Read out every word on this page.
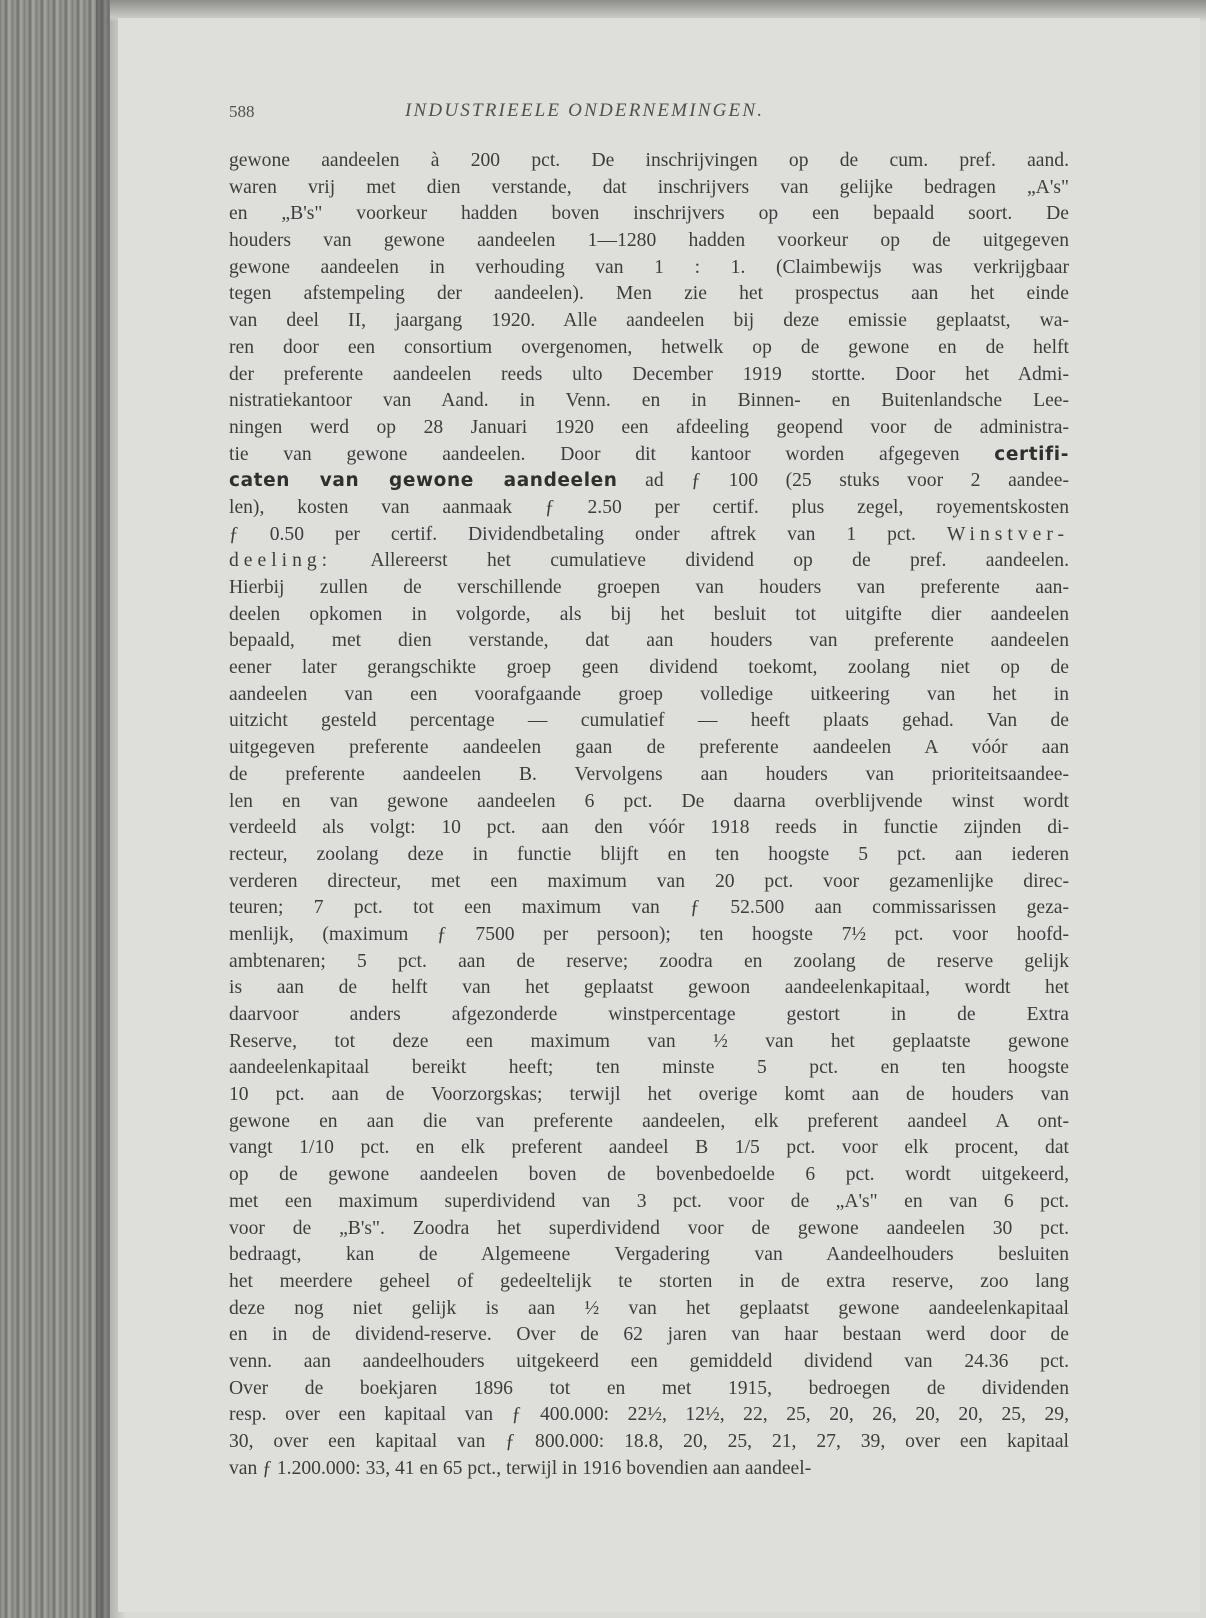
588	INDUSTRIEELE ONDERNEMINGEN.
gewone aandeelen à 200 pct. De inschrijvingen op de cum. pref. aand.
waren vrij met dien verstande, dat inschrijvers van gelijke bedragen „A's"
en „B's" voorkeur hadden boven inschrijvers op een bepaald soort. De
houders van gewone aandeelen 1—1280 hadden voorkeur op de uitgegeven
gewone aandeelen in verhouding van 1 : 1. (Claimbewijs was verkrijgbaar
tegen afstempeling der aandeelen). Men zie het prospectus aan het einde
van deel II, jaargang 1920. Alle aandeelen bij deze emissie geplaatst, wa-
ren door een consortium overgenomen, hetwelk op de gewone en de helft
der preferente aandeelen reeds ulto December 1919 stortte. Door het Admi-
nistratiekantoor van Aand. in Venn. en in Binnen- en Buitenlandsche Lee-
ningen werd op 28 Januari 1920 een afdeeling geopend voor de administra-
tie van gewone aandeelen. Door dit kantoor worden afgegeven certifi-
caten van gewone aandeelen ad ƒ 100 (25 stuks voor 2 aandee-
len), kosten van aanmaak ƒ 2.50 per certif. plus zegel, royementskosten
ƒ 0.50 per certif. Dividendbetaling onder aftrek van 1 pct. Winstver-
deeling: Allereerst het cumulatieve dividend op de pref. aandeelen.
Hierbij zullen de verschillende groepen van houders van preferente aan-
deelen opkomen in volgorde, als bij het besluit tot uitgifte dier aandeelen
bepaald, met dien verstande, dat aan houders van preferente aandeelen
eener later gerangschikte groep geen dividend toekomt, zoolang niet op de
aandeelen van een voorafgaande groep volledige uitkeering van het in
uitzicht gesteld percentage — cumulatief — heeft plaats gehad. Van de
uitgegeven preferente aandeelen gaan de preferente aandeelen A vóór aan
de preferente aandeelen B. Vervolgens aan houders van prioriteitsaandee-
len en van gewone aandeelen 6 pct. De daarna overblijvende winst wordt
verdeeld als volgt: 10 pct. aan den vóór 1918 reeds in functie zijnden di-
recteur, zoolang deze in functie blijft en ten hoogste 5 pct. aan iederen
verderen directeur, met een maximum van 20 pct. voor gezamenlijke direc-
teuren; 7 pct. tot een maximum van ƒ 52.500 aan commissarissen geza-
menlijk, (maximum ƒ 7500 per persoon); ten hoogste 7½ pct. voor hoofd-
ambtenaren; 5 pct. aan de reserve; zoodra en zoolang de reserve gelijk
is aan de helft van het geplaatst gewoon aandeelenkapitaal, wordt het
daarvoor anders afgezonderde winstpercentage gestort in de Extra
Reserve, tot deze een maximum van ½ van het geplaatste gewone
aandeelenkapitaal bereikt heeft; ten minste 5 pct. en ten hoogste
10 pct. aan de Voorzorgskas; terwijl het overige komt aan de houders van
gewone en aan die van preferente aandeelen, elk preferent aandeel A ont-
vangt 1/10 pct. en elk preferent aandeel B 1/5 pct. voor elk procent, dat
op de gewone aandeelen boven de bovenbedoelde 6 pct. wordt uitgekeerd,
met een maximum superdividend van 3 pct. voor de „A's" en van 6 pct.
voor de „B's". Zoodra het superdividend voor de gewone aandeelen 30 pct.
bedraagt, kan de Algemeene Vergadering van Aandeelhouders besluiten
het meerdere geheel of gedeeltelijk te storten in de extra reserve, zoo lang
deze nog niet gelijk is aan ½ van het geplaatst gewone aandeelenkapitaal
en in de dividend-reserve. Over de 62 jaren van haar bestaan werd door de
venn. aan aandeelhouders uitgekeerd een gemiddeld dividend van 24.36 pct.
Over de boekjaren 1896 tot en met 1915, bedroegen de dividenden
resp. over een kapitaal van ƒ 400.000: 22½, 12½, 22, 25, 20, 26, 20, 20, 25, 29,
30, over een kapitaal van ƒ 800.000: 18.8, 20, 25, 21, 27, 39, over een kapitaal
van ƒ 1.200.000: 33, 41 en 65 pct., terwijl in 1916 bovendien aan aandeel-
